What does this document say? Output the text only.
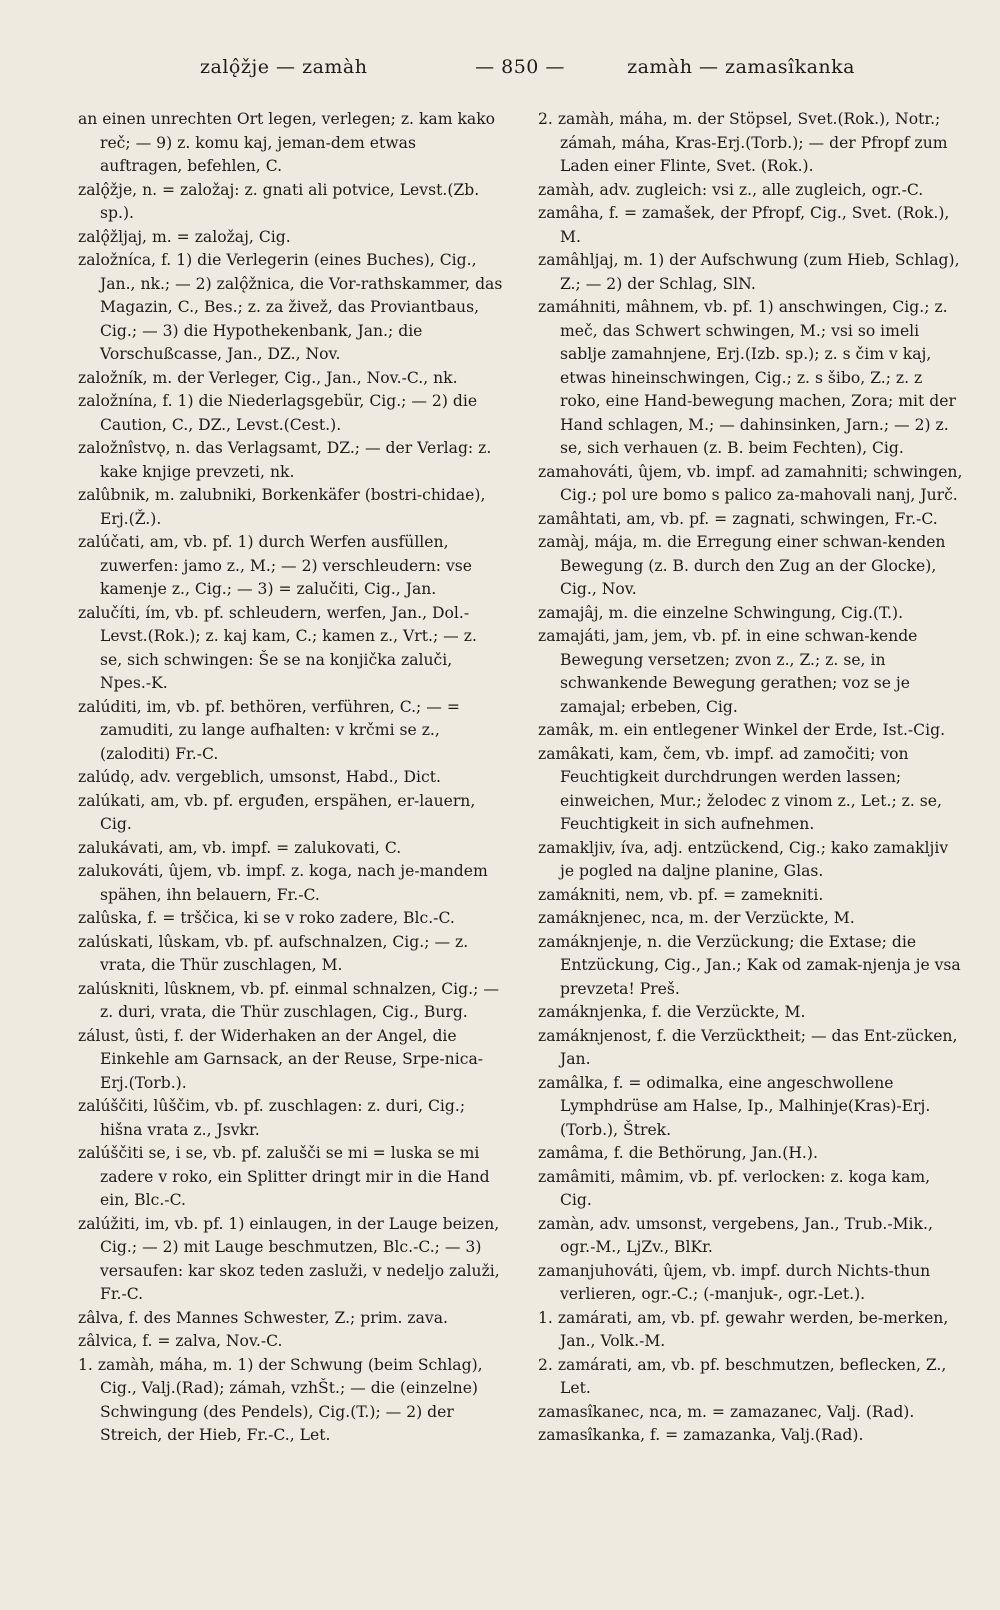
zalǫ̂žje — zamàh	— 850 —	zamàh — zamasîkanka

an einen unrechten Ort legen, verlegen; z. kam kako reč; — 9) z. komu kaj, jeman-dem etwas auftragen, befehlen, C.

zalǫ̂žje, n. = založaj: z. gnati ali potvice, Levst.(Zb. sp.).

zalǫ̂žljaj, m. = založaj, Cig.

založníca, f. 1) die Verlegerin (eines Buches), Cig., Jan., nk.; — 2) zalǫ̂žnica, die Vor-rathskammer, das Magazin, C., Bes.; z. za živež, das Proviantbaus, Cig.; — 3) die Hypothekenbank, Jan.; die Vorschußcasse, Jan., DZ., Nov.

založník, m. der Verleger, Cig., Jan., Nov.-C., nk.

založnína, f. 1) die Niederlagsgebür, Cig.; — 2) die Caution, C., DZ., Levst.(Cest.).

založnîstvǫ, n. das Verlagsamt, DZ.; — der Verlag: z. kake knjige prevzeti, nk.

zalûbnik, m. zalubniki, Borkenkäfer (bostri-chidae), Erj.(Ž.).

zalúčati, am, vb. pf. 1) durch Werfen ausfüllen, zuwerfen: jamo z., M.; — 2) verschleudern: vse kamenje z., Cig.; — 3) = zalučiti, Cig., Jan.

zalučíti, ím, vb. pf. schleudern, werfen, Jan., Dol.-Levst.(Rok.); z. kaj kam, C.; kamen z., Vrt.; — z. se, sich schwingen: Še se na konjička zaluči, Npes.-K.

zalúditi, im, vb. pf. bethören, verführen, C.; — = zamuditi, zu lange aufhalten: v krčmi se z., (zaloditi) Fr.-C.

zalúdǫ, adv. vergeblich, umsonst, Habd., Dict.

zalúkati, am, vb. pf. erguđen, erspähen, er-lauern, Cig.

zalukávati, am, vb. impf. = zalukovati, C.

zalukováti, ûjem, vb. impf. z. koga, nach je-mandem spähen, ihn belauern, Fr.-C.

zalûska, f. = trščica, ki se v roko zadere, Blc.-C.

zalúskati, lûskam, vb. pf. aufschnalzen, Cig.; — z. vrata, die Thür zuschlagen, M.

zalúskniti, lûsknem, vb. pf. einmal schnalzen, Cig.; — z. duri, vrata, die Thür zuschlagen, Cig., Burg.

zálust, ûsti, f. der Widerhaken an der Angel, die Einkehle am Garnsack, an der Reuse, Srpe-nica-Erj.(Torb.).

zalúščiti, lûščim, vb. pf. zuschlagen: z. duri, Cig.; hišna vrata z., Jsvkr.

zalúščiti se, i se, vb. pf. zalušči se mi = luska se mi zadere v roko, ein Splitter dringt mir in die Hand ein, Blc.-C.

zalúžiti, im, vb. pf. 1) einlaugen, in der Lauge beizen, Cig.; — 2) mit Lauge beschmutzen, Blc.-C.; — 3) versaufen: kar skoz teden zasluži, v nedeljo zaluži, Fr.-C.

zâlva, f. des Mannes Schwester, Z.; prim. zava.

zâlvica, f. = zalva, Nov.-C.

1. zamàh, máha, m. 1) der Schwung (beim Schlag), Cig., Valj.(Rad); zámah, vzhŠt.; — die (einzelne) Schwingung (des Pendels), Cig.(T.); — 2) der Streich, der Hieb, Fr.-C., Let.

2. zamàh, máha, m. der Stöpsel, Svet.(Rok.), Notr.; zámah, máha, Kras-Erj.(Torb.); — der Pfropf zum Laden einer Flinte, Svet. (Rok.).

zamàh, adv. zugleich: vsi z., alle zugleich, ogr.-C.

zamâha, f. = zamašek, der Pfropf, Cig., Svet. (Rok.), M.

zamâhljaj, m. 1) der Aufschwung (zum Hieb, Schlag), Z.; — 2) der Schlag, SlN.

zamáhniti, mâhnem, vb. pf. 1) anschwingen, Cig.; z. meč, das Schwert schwingen, M.; vsi so imeli sablje zamahnjene, Erj.(Izb. sp.); z. s čim v kaj, etwas hineinschwingen, Cig.; z. s šibo, Z.; z. z roko, eine Hand-bewegung machen, Zora; mit der Hand schlagen, M.; — dahinsinken, Jarn.; — 2) z. se, sich verhauen (z. B. beim Fechten), Cig.

zamahováti, ûjem, vb. impf. ad zamahniti; schwingen, Cig.; pol ure bomo s palico za-mahovali nanj, Jurč.

zamâhtati, am, vb. pf. = zagnati, schwingen, Fr.-C.

zamàj, mája, m. die Erregung einer schwan-kenden Bewegung (z. B. durch den Zug an der Glocke), Cig., Nov.

zamajâj, m. die einzelne Schwingung, Cig.(T.).

zamajáti, jam, jem, vb. pf. in eine schwan-kende Bewegung versetzen; zvon z., Z.; z. se, in schwankende Bewegung gerathen; voz se je zamajal; erbeben, Cig.

zamâk, m. ein entlegener Winkel der Erde, Ist.-Cig.

zamâkati, kam, čem, vb. impf. ad zamočiti; von Feuchtigkeit durchdrungen werden lassen; einweichen, Mur.; želodec z vinom z., Let.; z. se, Feuchtigkeit in sich aufnehmen.

zamakljiv, íva, adj. entzückend, Cig.; kako zamakljiv je pogled na daljne planine, Glas.

zamákniti, nem, vb. pf. = zamekniti.

zamáknjenec, nca, m. der Verzückte, M.

zamáknjenje, n. die Verzückung; die Extase; die Entzückung, Cig., Jan.; Kak od zamak-njenja je vsa prevzeta! Preš.

zamáknjenka, f. die Verzückte, M.

zamáknjenost, f. die Verzücktheit; — das Ent-zücken, Jan.

zamâlka, f. = odimalka, eine angeschwollene Lymphdrüse am Halse, Ip., Malhinje(Kras)-Erj.(Torb.), Štrek.

zamâma, f. die Bethörung, Jan.(H.).

zamâmiti, mâmim, vb. pf. verlocken: z. koga kam, Cig.

zamàn, adv. umsonst, vergebens, Jan., Trub.-Mik., ogr.-M., LjZv., BlKr.

zamanjuhováti, ûjem, vb. impf. durch Nichts-thun verlieren, ogr.-C.; (-manjuk-, ogr.-Let.).

1. zamárati, am, vb. pf. gewahr werden, be-merken, Jan., Volk.-M.

2. zamárati, am, vb. pf. beschmutzen, beflecken, Z., Let.

zamasîkanec, nca, m. = zamazanec, Valj. (Rad).

zamasîkanka, f. = zamazanka, Valj.(Rad).
